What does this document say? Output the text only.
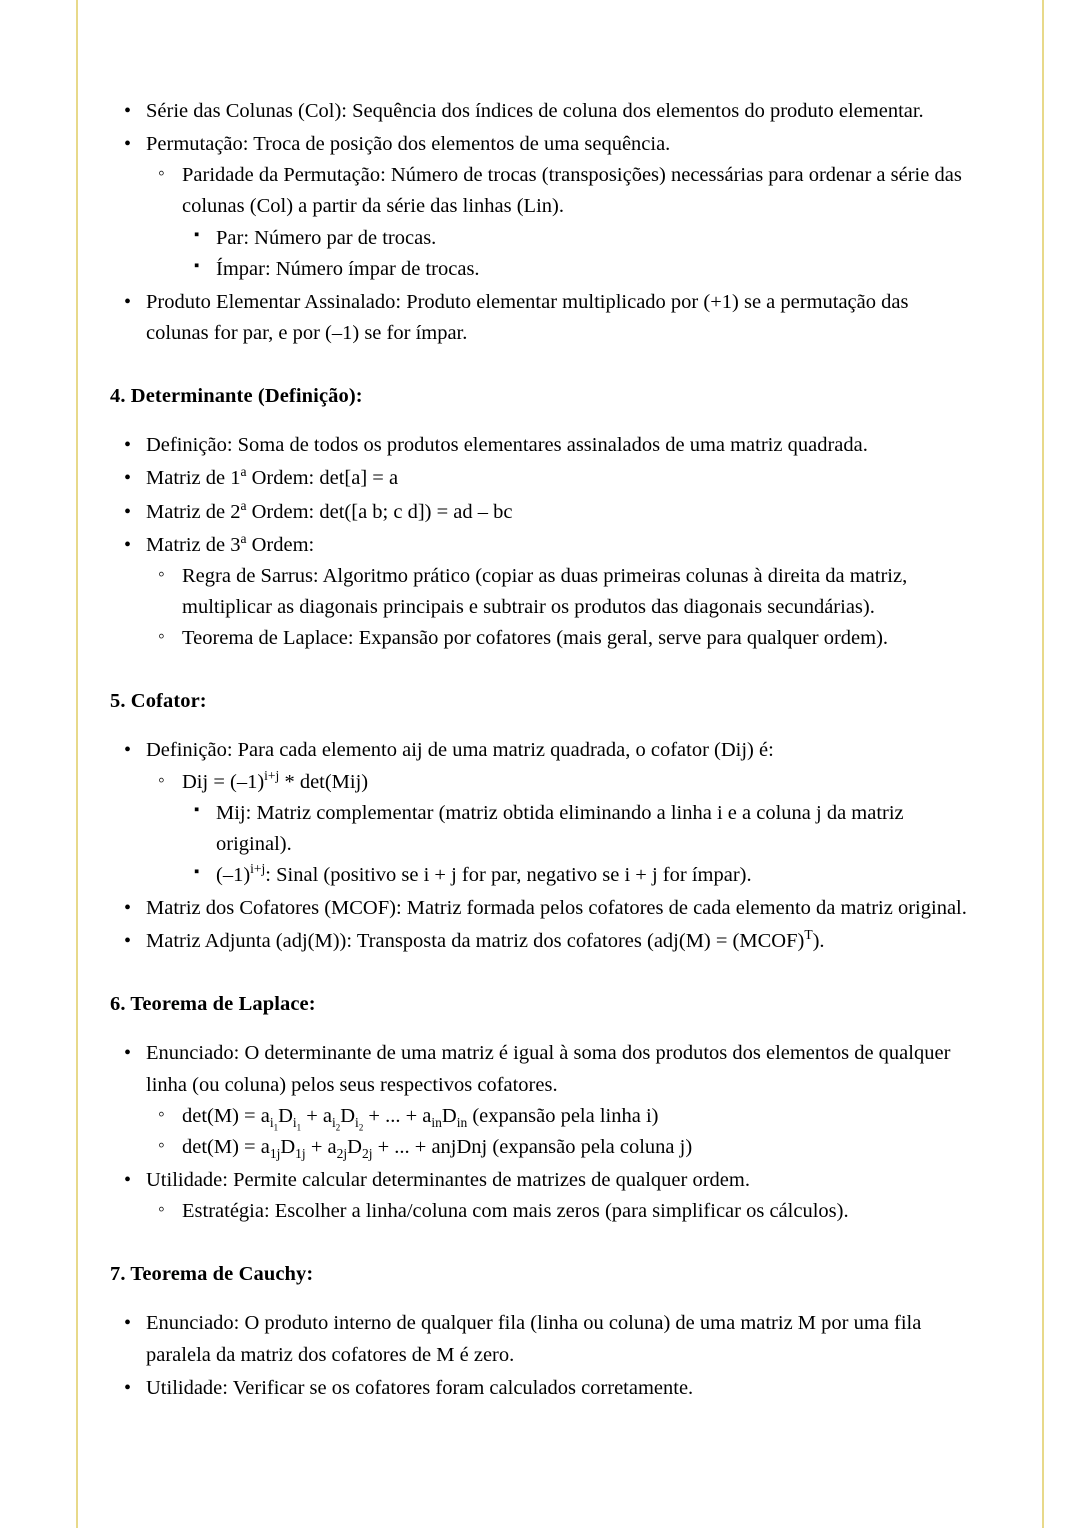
• Série das Colunas (Col): Sequência dos índices de coluna dos elementos do produto elementar.
• Permutação: Troca de posição dos elementos de uma sequência.
◦ Paridade da Permutação: Número de trocas (transposições) necessárias para ordenar a série das colunas (Col) a partir da série das linhas (Lin).
▪ Par: Número par de trocas.
▪ Ímpar: Número ímpar de trocas.
• Produto Elementar Assinalado: Produto elementar multiplicado por (+1) se a permutação das colunas for par, e por (–1) se for ímpar.
4. Determinante (Definição):
• Definição: Soma de todos os produtos elementares assinalados de uma matriz quadrada.
• Matriz de 1$^a$ Ordem: det[a] = a
• Matriz de 2$^a$ Ordem: det([a b; c d]) = ad – bc
• Matriz de 3$^a$ Ordem:
◦ Regra de Sarrus: Algoritmo prático (copiar as duas primeiras colunas à direita da matriz, multiplicar as diagonais principais e subtrair os produtos das diagonais secundárias).
◦ Teorema de Laplace: Expansão por cofatores (mais geral, serve para qualquer ordem).
5. Cofator:
• Definição: Para cada elemento aij de uma matriz quadrada, o cofator (Dij) é:
◦ Dij = $(-1)^{i+j} * \det(Mij)$
▪ Mij: Matriz complementar (matriz obtida eliminando a linha i e a coluna j da matriz original).
▪ $(-1)^{i+j}$: Sinal (positivo se i + j for par, negativo se i + j for ímpar).
• Matriz dos Cofatores (MCOF): Matriz formada pelos cofatores de cada elemento da matriz original.
• Matriz Adjunta (adj(M)): Transposta da matriz dos cofatores (adj(M) = (MCOF)$^T$).
6. Teorema de Laplace:
• Enunciado: O determinante de uma matriz é igual à soma dos produtos dos elementos de qualquer linha (ou coluna) pelos seus respectivos cofatores.
◦ $\det(M) = a_{i_1}D_{i_1} + a_{i_2}D_{i_2}$ + ... + $a_{in}D_{in}$ (expansão pela linha i)
◦ $\det(M) = a_{1j}D_{1j} + a_{2j}D_{2j}$ + ... + anjDnj (expansão pela coluna j)
• Utilidade: Permite calcular determinantes de matrizes de qualquer ordem.
◦ Estratégia: Escolher a linha/coluna com mais zeros (para simplificar os cálculos).
7. Teorema de Cauchy:
• Enunciado: O produto interno de qualquer fila (linha ou coluna) de uma matriz M por uma fila paralela da matriz dos cofatores de M é zero.
• Utilidade: Verificar se os cofatores foram calculados corretamente.
